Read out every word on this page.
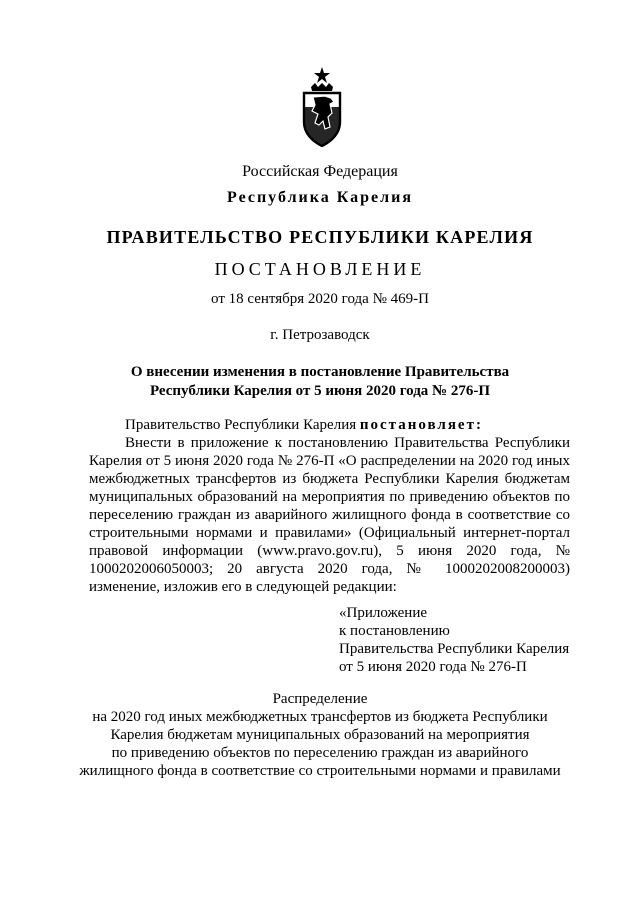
Российская Федерация
Республика Карелия
ПРАВИТЕЛЬСТВО РЕСПУБЛИКИ КАРЕЛИЯ
ПОСТАНОВЛЕНИЕ
от 18 сентября 2020 года № 469-П
г. Петрозаводск
О внесении изменения в постановление Правительства
Республики Карелия от 5 июня 2020 года № 276-П
Правительство Республики Карелия постановляет:
Внести в приложение к постановлению Правительства Республики Карелия от 5 июня 2020 года № 276-П «О распределении на 2020 год иных межбюджетных трансфертов из бюджета Республики Карелия бюджетам муниципальных образований на мероприятия по приведению объектов по переселению граждан из аварийного жилищного фонда в соответствие со строительными нормами и правилами» (Официальный интернет-портал правовой информации (www.pravo.gov.ru), 5 июня 2020 года, № 1000202006050003; 20 августа 2020 года, № 1000202008200003) изменение, изложив его в следующей редакции:
«Приложение
к постановлению
Правительства Республики Карелия
от 5 июня 2020 года № 276-П
Распределение
на 2020 год иных межбюджетных трансфертов из бюджета Республики
Карелия бюджетам муниципальных образований на мероприятия
по приведению объектов по переселению граждан из аварийного
жилищного фонда в соответствие со строительными нормами и правилами
